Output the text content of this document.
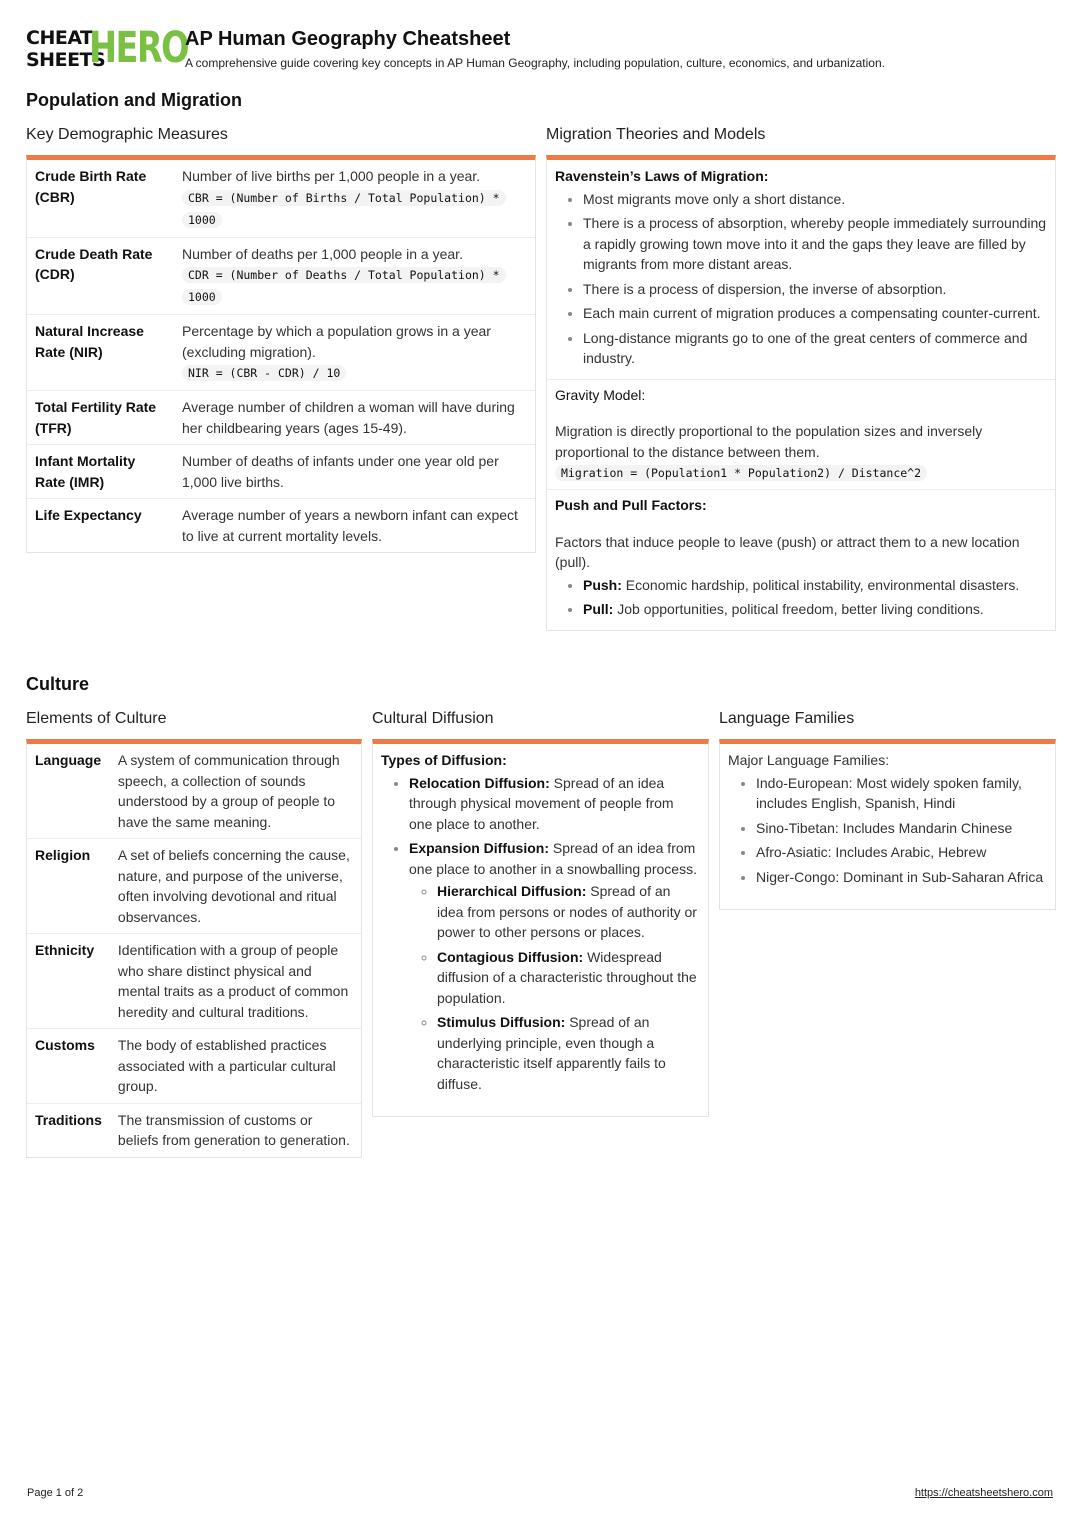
CHEAT
SHEETS
HERO
AP Human Geography Cheatsheet
A comprehensive guide covering key concepts in AP Human Geography, including population, culture, economics, and urbanization.
Population and Migration
Key Demographic Measures
Crude Birth Rate (CBR)	Number of live births per 1,000 people in a year.
CBR = (Number of Births / Total Population) * 1000
Crude Death Rate (CDR)	Number of deaths per 1,000 people in a year.
CDR = (Number of Deaths / Total Population) * 1000
Natural Increase Rate (NIR)	Percentage by which a population grows in a year (excluding migration).
NIR = (CBR - CDR) / 10
Total Fertility Rate (TFR)	Average number of children a woman will have during her childbearing years (ages 15-49).
Infant Mortality Rate (IMR)	Number of deaths of infants under one year old per 1,000 live births.
Life Expectancy	Average number of years a newborn infant can expect to live at current mortality levels.
Migration Theories and Models
Ravenstein’s Laws of Migration:
• Most migrants move only a short distance.
• There is a process of absorption, whereby people immediately surrounding a rapidly growing town move into it and the gaps they leave are filled by migrants from more distant areas.
• There is a process of dispersion, the inverse of absorption.
• Each main current of migration produces a compensating counter-current.
• Long-distance migrants go to one of the great centers of commerce and industry.
Gravity Model:
Migration is directly proportional to the population sizes and inversely proportional to the distance between them.
Migration = (Population1 * Population2) / Distance^2
Push and Pull Factors:
Factors that induce people to leave (push) or attract them to a new location (pull).
• Push: Economic hardship, political instability, environmental disasters.
• Pull: Job opportunities, political freedom, better living conditions.
Culture
Elements of Culture
Language	A system of communication through speech, a collection of sounds understood by a group of people to have the same meaning.
Religion	A set of beliefs concerning the cause, nature, and purpose of the universe, often involving devotional and ritual observances.
Ethnicity	Identification with a group of people who share distinct physical and mental traits as a product of common heredity and cultural traditions.
Customs	The body of established practices associated with a particular cultural group.
Traditions	The transmission of customs or beliefs from generation to generation.
Cultural Diffusion
Types of Diffusion:
• Relocation Diffusion: Spread of an idea through physical movement of people from one place to another.
• Expansion Diffusion: Spread of an idea from one place to another in a snowballing process.
◦ Hierarchical Diffusion: Spread of an idea from persons or nodes of authority or power to other persons or places.
◦ Contagious Diffusion: Widespread diffusion of a characteristic throughout the population.
◦ Stimulus Diffusion: Spread of an underlying principle, even though a characteristic itself apparently fails to diffuse.
Language Families
Major Language Families:
• Indo-European: Most widely spoken family, includes English, Spanish, Hindi
• Sino-Tibetan: Includes Mandarin Chinese
• Afro-Asiatic: Includes Arabic, Hebrew
• Niger-Congo: Dominant in Sub-Saharan Africa
Page 1 of 2	https://cheatsheetshero.com
